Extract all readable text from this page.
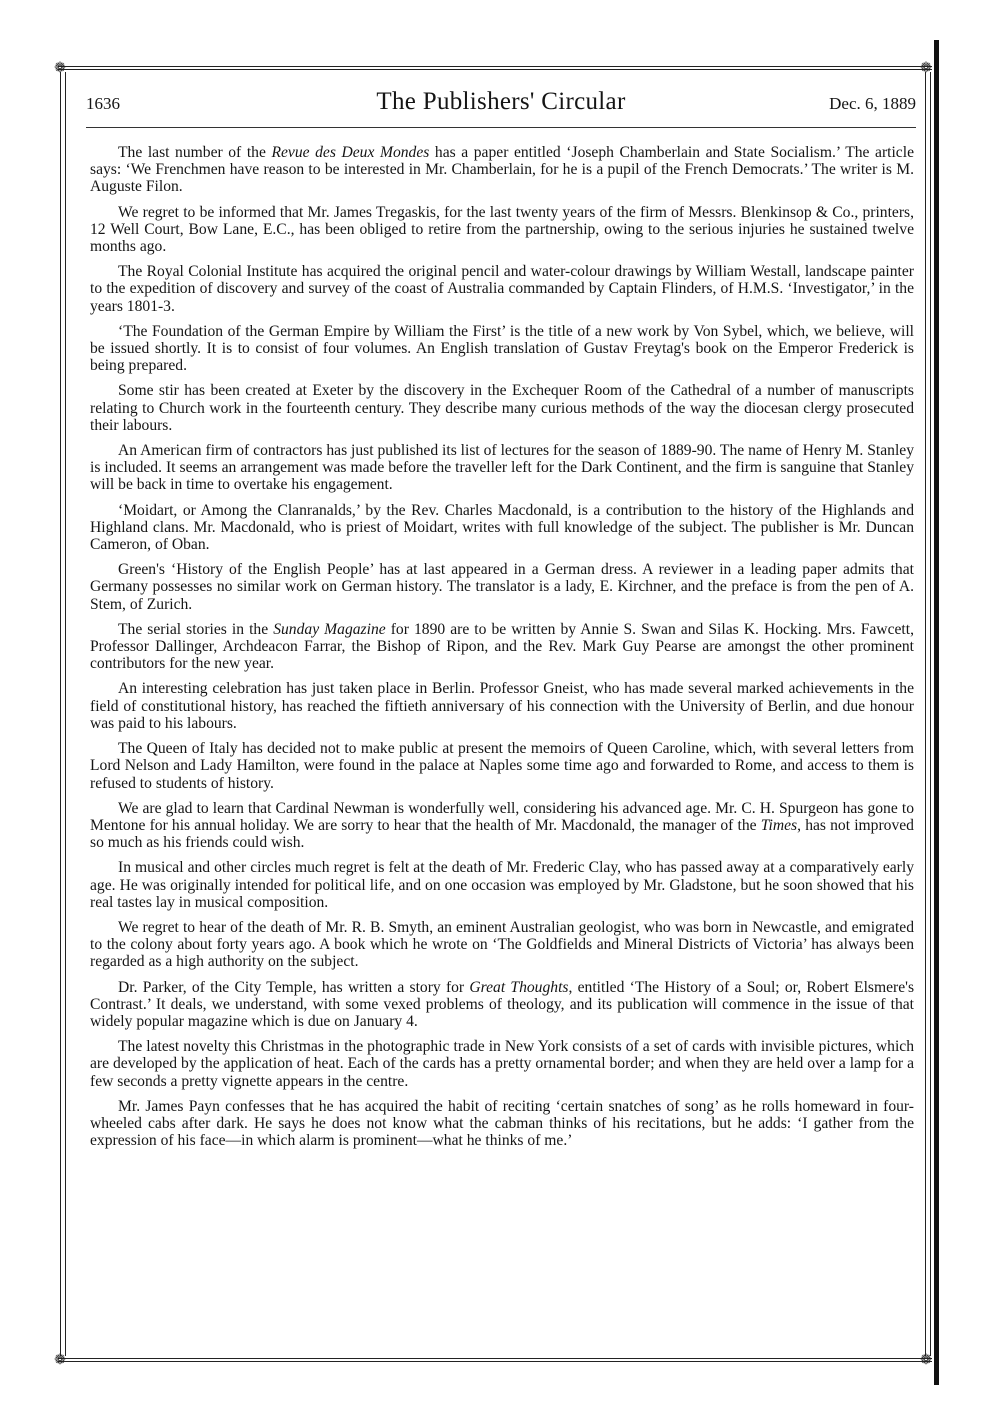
❁	❁
❁	❁
1636	The Publishers' Circular	Dec. 6, 1889

The last number of the Revue des Deux Mondes has a paper entitled ‘Joseph Chamberlain and State Socialism.’ The article says: ‘We Frenchmen have reason to be interested in Mr. Chamberlain, for he is a pupil of the French Democrats.’ The writer is M. Auguste Filon.

We regret to be informed that Mr. James Tregaskis, for the last twenty years of the firm of Messrs. Blenkinsop & Co., printers, 12 Well Court, Bow Lane, E.C., has been obliged to retire from the partnership, owing to the serious injuries he sustained twelve months ago.

The Royal Colonial Institute has acquired the original pencil and water-colour drawings by William Westall, landscape painter to the expedition of discovery and survey of the coast of Australia commanded by Captain Flinders, of H.M.S. ‘Investigator,’ in the years 1801-3.

‘The Foundation of the German Empire by William the First’ is the title of a new work by Von Sybel, which, we believe, will be issued shortly. It is to consist of four volumes. An English translation of Gustav Freytag's book on the Emperor Frederick is being prepared.

Some stir has been created at Exeter by the discovery in the Exchequer Room of the Cathedral of a number of manuscripts relating to Church work in the fourteenth century. They describe many curious methods of the way the diocesan clergy prosecuted their labours.

An American firm of contractors has just published its list of lectures for the season of 1889-90. The name of Henry M. Stanley is included. It seems an arrangement was made before the traveller left for the Dark Continent, and the firm is sanguine that Stanley will be back in time to overtake his engagement.

‘Moidart, or Among the Clanranalds,’ by the Rev. Charles Macdonald, is a contribution to the history of the Highlands and Highland clans. Mr. Macdonald, who is priest of Moidart, writes with full knowledge of the subject. The publisher is Mr. Duncan Cameron, of Oban.

Green's ‘History of the English People’ has at last appeared in a German dress. A reviewer in a leading paper admits that Germany possesses no similar work on German history. The translator is a lady, E. Kirchner, and the preface is from the pen of A. Stem, of Zurich.

The serial stories in the Sunday Magazine for 1890 are to be written by Annie S. Swan and Silas K. Hocking. Mrs. Fawcett, Professor Dallinger, Archdeacon Farrar, the Bishop of Ripon, and the Rev. Mark Guy Pearse are amongst the other prominent contributors for the new year.

An interesting celebration has just taken place in Berlin. Professor Gneist, who has made several marked achievements in the field of constitutional history, has reached the fiftieth anniversary of his connection with the University of Berlin, and due honour was paid to his labours.

The Queen of Italy has decided not to make public at present the memoirs of Queen Caroline, which, with several letters from Lord Nelson and Lady Hamilton, were found in the palace at Naples some time ago and forwarded to Rome, and access to them is refused to students of history.

We are glad to learn that Cardinal Newman is wonderfully well, considering his advanced age. Mr. C. H. Spurgeon has gone to Mentone for his annual holiday. We are sorry to hear that the health of Mr. Macdonald, the manager of the Times, has not improved so much as his friends could wish.

In musical and other circles much regret is felt at the death of Mr. Frederic Clay, who has passed away at a comparatively early age. He was originally intended for political life, and on one occasion was employed by Mr. Gladstone, but he soon showed that his real tastes lay in musical composition.

We regret to hear of the death of Mr. R. B. Smyth, an eminent Australian geologist, who was born in Newcastle, and emigrated to the colony about forty years ago. A book which he wrote on ‘The Goldfields and Mineral Districts of Victoria’ has always been regarded as a high authority on the subject.

Dr. Parker, of the City Temple, has written a story for Great Thoughts, entitled ‘The History of a Soul; or, Robert Elsmere's Contrast.’ It deals, we understand, with some vexed problems of theology, and its publication will commence in the issue of that widely popular magazine which is due on January 4.

The latest novelty this Christmas in the photographic trade in New York consists of a set of cards with invisible pictures, which are developed by the application of heat. Each of the cards has a pretty ornamental border; and when they are held over a lamp for a few seconds a pretty vignette appears in the centre.

Mr. James Payn confesses that he has acquired the habit of reciting ‘certain snatches of song’ as he rolls homeward in four-wheeled cabs after dark. He says he does not know what the cabman thinks of his recitations, but he adds: ‘I gather from the expression of his face—in which alarm is prominent—what he thinks of me.’
